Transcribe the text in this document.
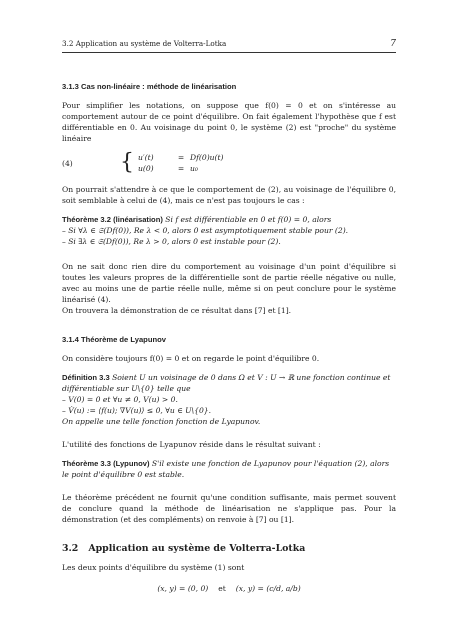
3.2 Application au système de Volterra-Lotka	7
3.1.3 Cas non-linéaire : méthode de linéarisation

Pour simplifier les notations, on suppose que f(0) = 0 et on s'intéresse au comportement autour de ce point d'équilibre. On fait également l'hypothèse que f est différentiable en 0. Au voisinage du point 0, le système (2) est "proche" du système linéaire

(4)	{ u′(t)	= Df(0)u(t)
u(0)	= u₀

On pourrait s'attendre à ce que le comportement de (2), au voisinage de l'équilibre 0, soit semblable à celui de (4), mais ce n'est pas toujours le cas :

Théorème 3.2 (linéarisation) Si f est différentiable en 0 et f(0) = 0, alors
– Si ∀λ ∈ 𝔖(Df(0)), Re λ < 0, alors 0 est asymptotiquement stable pour (2).
– Si ∃λ ∈ 𝔖(Df(0)), Re λ > 0, alors 0 est instable pour (2).

On ne sait donc rien dire du comportement au voisinage d'un point d'équilibre si toutes les valeurs propres de la différentielle sont de partie réelle négative ou nulle, avec au moins une de partie réelle nulle, même si on peut conclure pour le système linéarisé (4).

On trouvera la démonstration de ce résultat dans [7] et [1].

3.1.4 Théorème de Lyapunov

On considère toujours f(0) = 0 et on regarde le point d'équilibre 0.

Définition 3.3 Soient U un voisinage de 0 dans Ω et V : U → ℝ une fonction continue et différentiable sur U\{0} telle que
– V(0) = 0 et ∀u ≠ 0, V(u) > 0.
– V̇(u) := ⟨f(u); ∇V(u)⟩ ≤ 0, ∀u ∈ U\{0}.
On appelle une telle fonction fonction de Lyapunov.

L'utilité des fonctions de Lyapunov réside dans le résultat suivant :

Théorème 3.3 (Lypunov) S'il existe une fonction de Lyapunov pour l'équation (2), alors le point d'équilibre 0 est stable.

Le théorème précédent ne fournit qu'une condition suffisante, mais permet souvent de conclure quand la méthode de linéarisation ne s'applique pas. Pour la démonstration (et des compléments) on renvoie à [7] ou [1].

3.2 Application au système de Volterra-Lotka

Les deux points d'équilibre du système (1) sont

(x, y) = (0, 0) et (x, y) = (c/d, a/b)
